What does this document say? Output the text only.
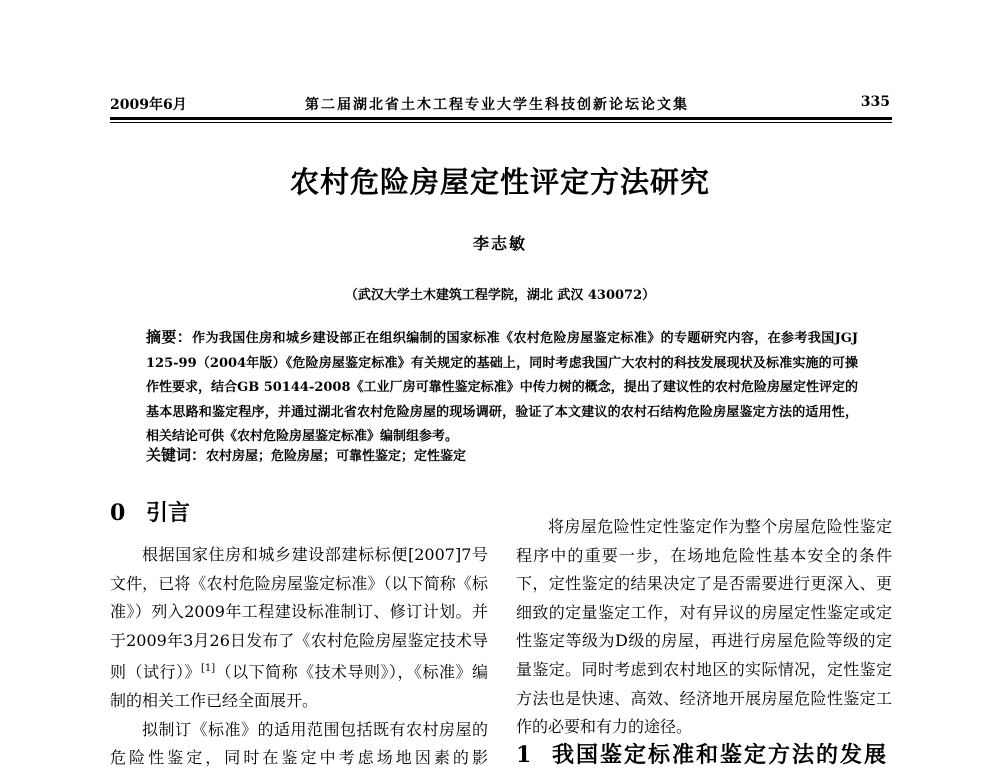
2009年6月	第二届湖北省土木工程专业大学生科技创新论坛论文集	335
农村危险房屋定性评定方法研究
李志敏
（武汉大学土木建筑工程学院，湖北 武汉 430072）
摘要：作为我国住房和城乡建设部正在组织编制的国家标准《农村危险房屋鉴定标准》的专题研究内容，在参考我国JGJ 125-99（2004年版）《危险房屋鉴定标准》有关规定的基础上，同时考虑我国广大农村的科技发展现状及标准实施的可操作性要求，结合GB 50144-2008《工业厂房可靠性鉴定标准》中传力树的概念，提出了建议性的农村危险房屋定性评定的基本思路和鉴定程序，并通过湖北省农村危险房屋的现场调研，验证了本文建议的农村石结构危险房屋鉴定方法的适用性，相关结论可供《农村危险房屋鉴定标准》编制组参考。
关键词：农村房屋；危险房屋；可靠性鉴定；定性鉴定
0 引言

根据国家住房和城乡建设部建标标便[2007]7号文件，已将《农村危险房屋鉴定标准》（以下简称《标准》）列入2009年工程建设标准制订、修订计划。并于2009年3月26日发布了《农村危险房屋鉴定技术导则（试行）》[1]（以下简称《技术导则》），《标准》编制的相关工作已经全面展开。

拟制订《标准》的适用范围包括既有农村房屋的危险性鉴定，同时在鉴定中考虑场地因素的影

将房屋危险性定性鉴定作为整个房屋危险性鉴定程序中的重要一步，在场地危险性基本安全的条件下，定性鉴定的结果决定了是否需要进行更深入、更细致的定量鉴定工作，对有异议的房屋定性鉴定或定性鉴定等级为D级的房屋，再进行房屋危险等级的定量鉴定。同时考虑到农村地区的实际情况，定性鉴定方法也是快速、高效、经济地开展房屋危险性鉴定工作的必要和有力的途径。

1 我国鉴定标准和鉴定方法的发展
